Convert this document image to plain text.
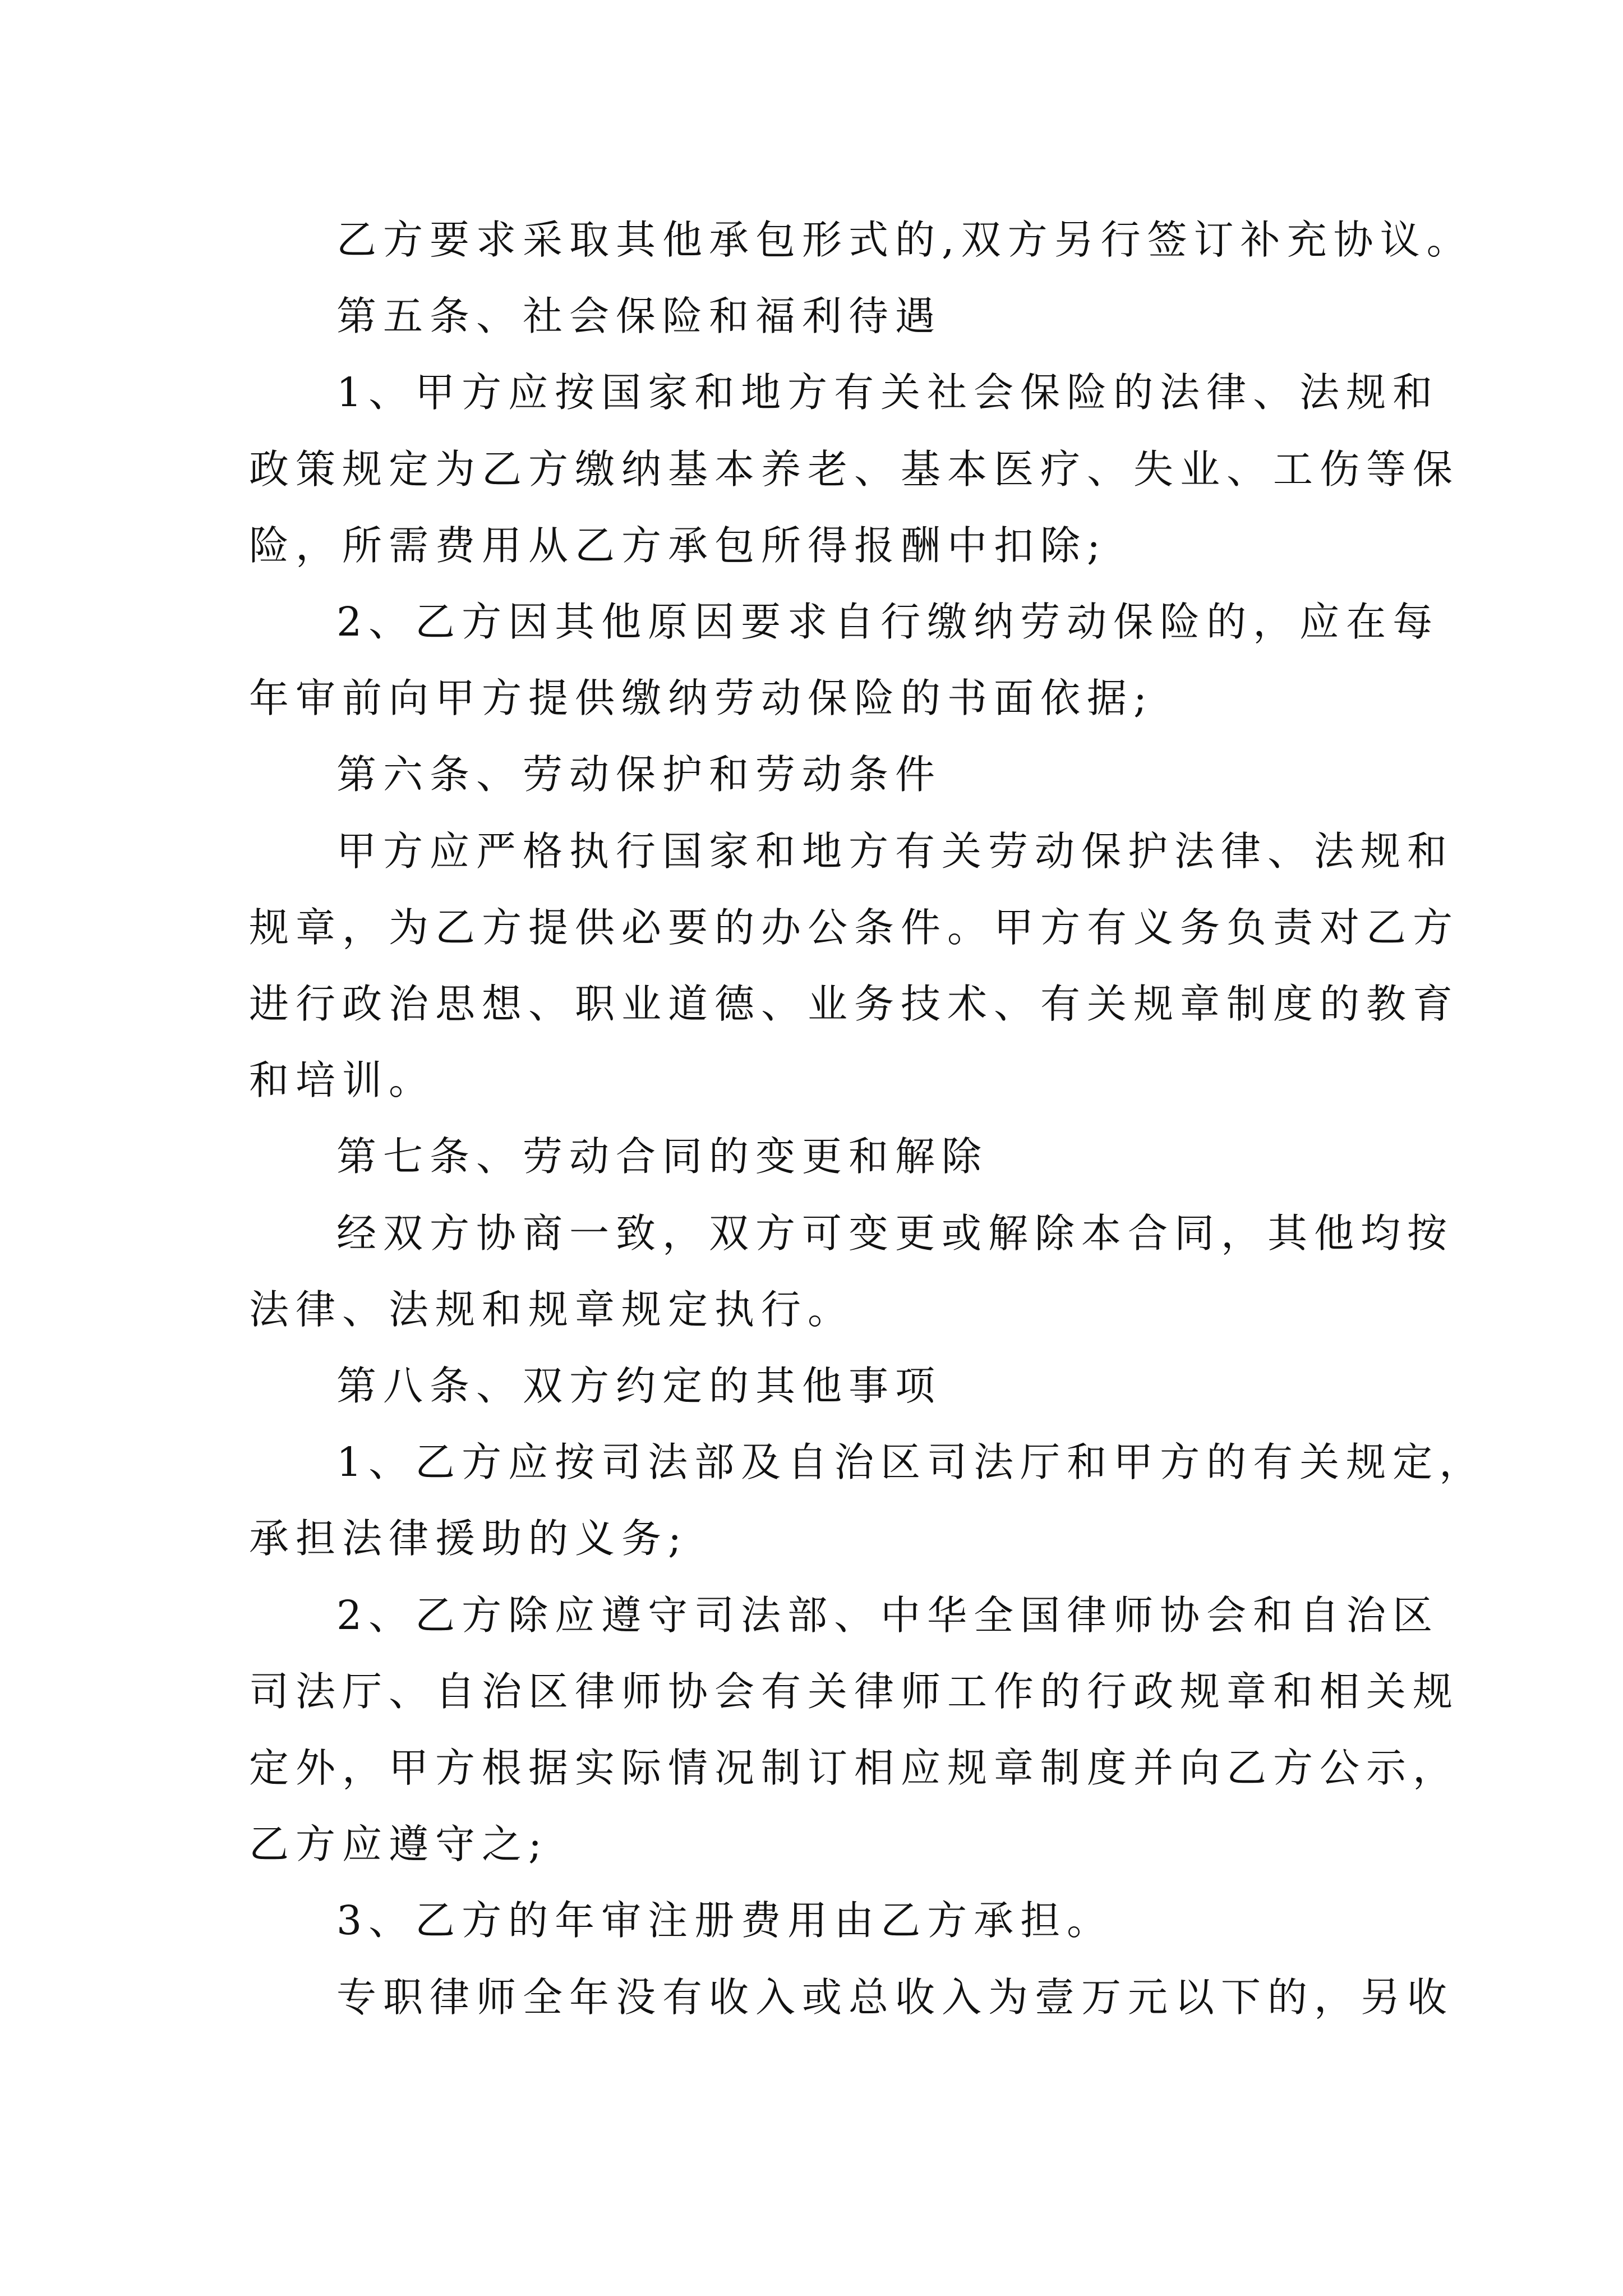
乙方要求采取其他承包形式的,双方另行签订补充协议。
第五条、社会保险和福利待遇
1、甲方应按国家和地方有关社会保险的法律、法规和
政策规定为乙方缴纳基本养老、基本医疗、失业、工伤等保
险，所需费用从乙方承包所得报酬中扣除;
2、乙方因其他原因要求自行缴纳劳动保险的，应在每
年审前向甲方提供缴纳劳动保险的书面依据;
第六条、劳动保护和劳动条件
甲方应严格执行国家和地方有关劳动保护法律、法规和
规章，为乙方提供必要的办公条件。甲方有义务负责对乙方
进行政治思想、职业道德、业务技术、有关规章制度的教育
和培训。
第七条、劳动合同的变更和解除
经双方协商一致，双方可变更或解除本合同，其他均按
法律、法规和规章规定执行。
第八条、双方约定的其他事项
1、乙方应按司法部及自治区司法厅和甲方的有关规定，
承担法律援助的义务;
2、乙方除应遵守司法部、中华全国律师协会和自治区
司法厅、自治区律师协会有关律师工作的行政规章和相关规
定外，甲方根据实际情况制订相应规章制度并向乙方公示，
乙方应遵守之;
3、乙方的年审注册费用由乙方承担。
专职律师全年没有收入或总收入为壹万元以下的，另收
